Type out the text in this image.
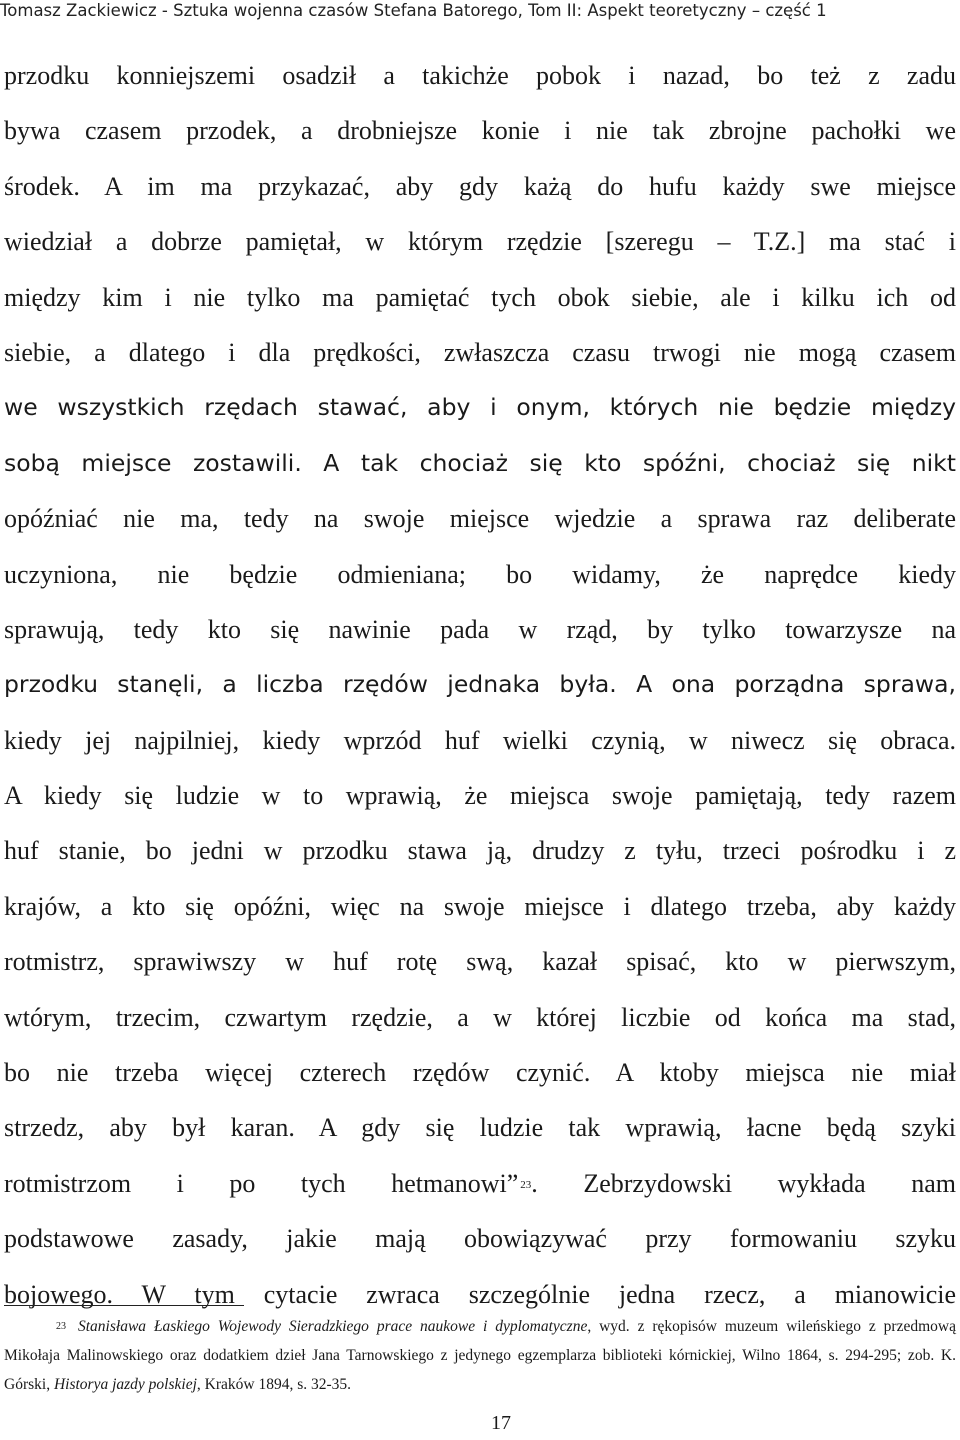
Tomasz Zackiewicz - Sztuka wojenna czasów Stefana Batorego, Tom II: Aspekt teoretyczny – część 1
przodku konniejszemi osadził a takichże pobok i nazad, bo też z zadu
bywa czasem przodek, a drobniejsze konie i nie tak zbrojne pachołki we
środek. A im ma przykazać, aby gdy każą do hufu każdy swe miejsce
wiedział a dobrze pamiętał, w którym rzędzie [szeregu – T.Z.] ma stać i
między kim i nie tylko ma pamiętać tych obok siebie, ale i kilku ich od
siebie, a dlatego i dla prędkości, zwłaszcza czasu trwogi nie mogą czasem
we wszystkich rzędach stawać, aby i onym, których nie będzie między
sobą miejsce zostawili. A tak chociaż się kto spóźni, chociaż się nikt
opóźniać nie ma, tedy na swoje miejsce wjedzie a sprawa raz deliberate
uczyniona, nie będzie odmieniana; bo widamy, że naprędce kiedy
sprawują, tedy kto się nawinie pada w rząd, by tylko towarzysze na
przodku stanęli, a liczba rzędów jednaka była. A ona porządna sprawa,
kiedy jej najpilniej, kiedy wprzód huf wielki czynią, w niwecz się obraca.
A kiedy się ludzie w to wprawią, że miejsca swoje pamiętają, tedy razem
huf stanie, bo jedni w przodku stawa ją, drudzy z tyłu, trzeci pośrodku i z
krajów, a kto się opóźni, więc na swoje miejsce i dlatego trzeba, aby każdy
rotmistrz, sprawiwszy w huf rotę swą, kazał spisać, kto w pierwszym,
wtórym, trzecim, czwartym rzędzie, a w której liczbie od końca ma stad,
bo nie trzeba więcej czterech rzędów czynić. A ktoby miejsca nie miał
strzedz, aby był karan. A gdy się ludzie tak wprawią, łacne będą szyki
rotmistrzom i po tych hetmanowi” $^{23}$. Zebrzydowski wykłada nam
podstawowe zasady, jakie mają obowiązywać przy formowaniu szyku
bojowego. W tym cytacie zwraca szczególnie jedna rzecz, a mianowicie
$^{23}$ Stanisława Łaskiego Wojewody Sieradzkiego prace naukowe i dyplomatyczne, wyd. z rękopisów muzeum wileńskiego z przedmową
Mikołaja Malinowskiego oraz dodatkiem dzieł Jana Tarnowskiego z jedynego egzemplarza biblioteki kórnickiej, Wilno 1864, s. 294-295; zob. K.
Górski, Historya jazdy polskiej, Kraków 1894, s. 32-35.
17
